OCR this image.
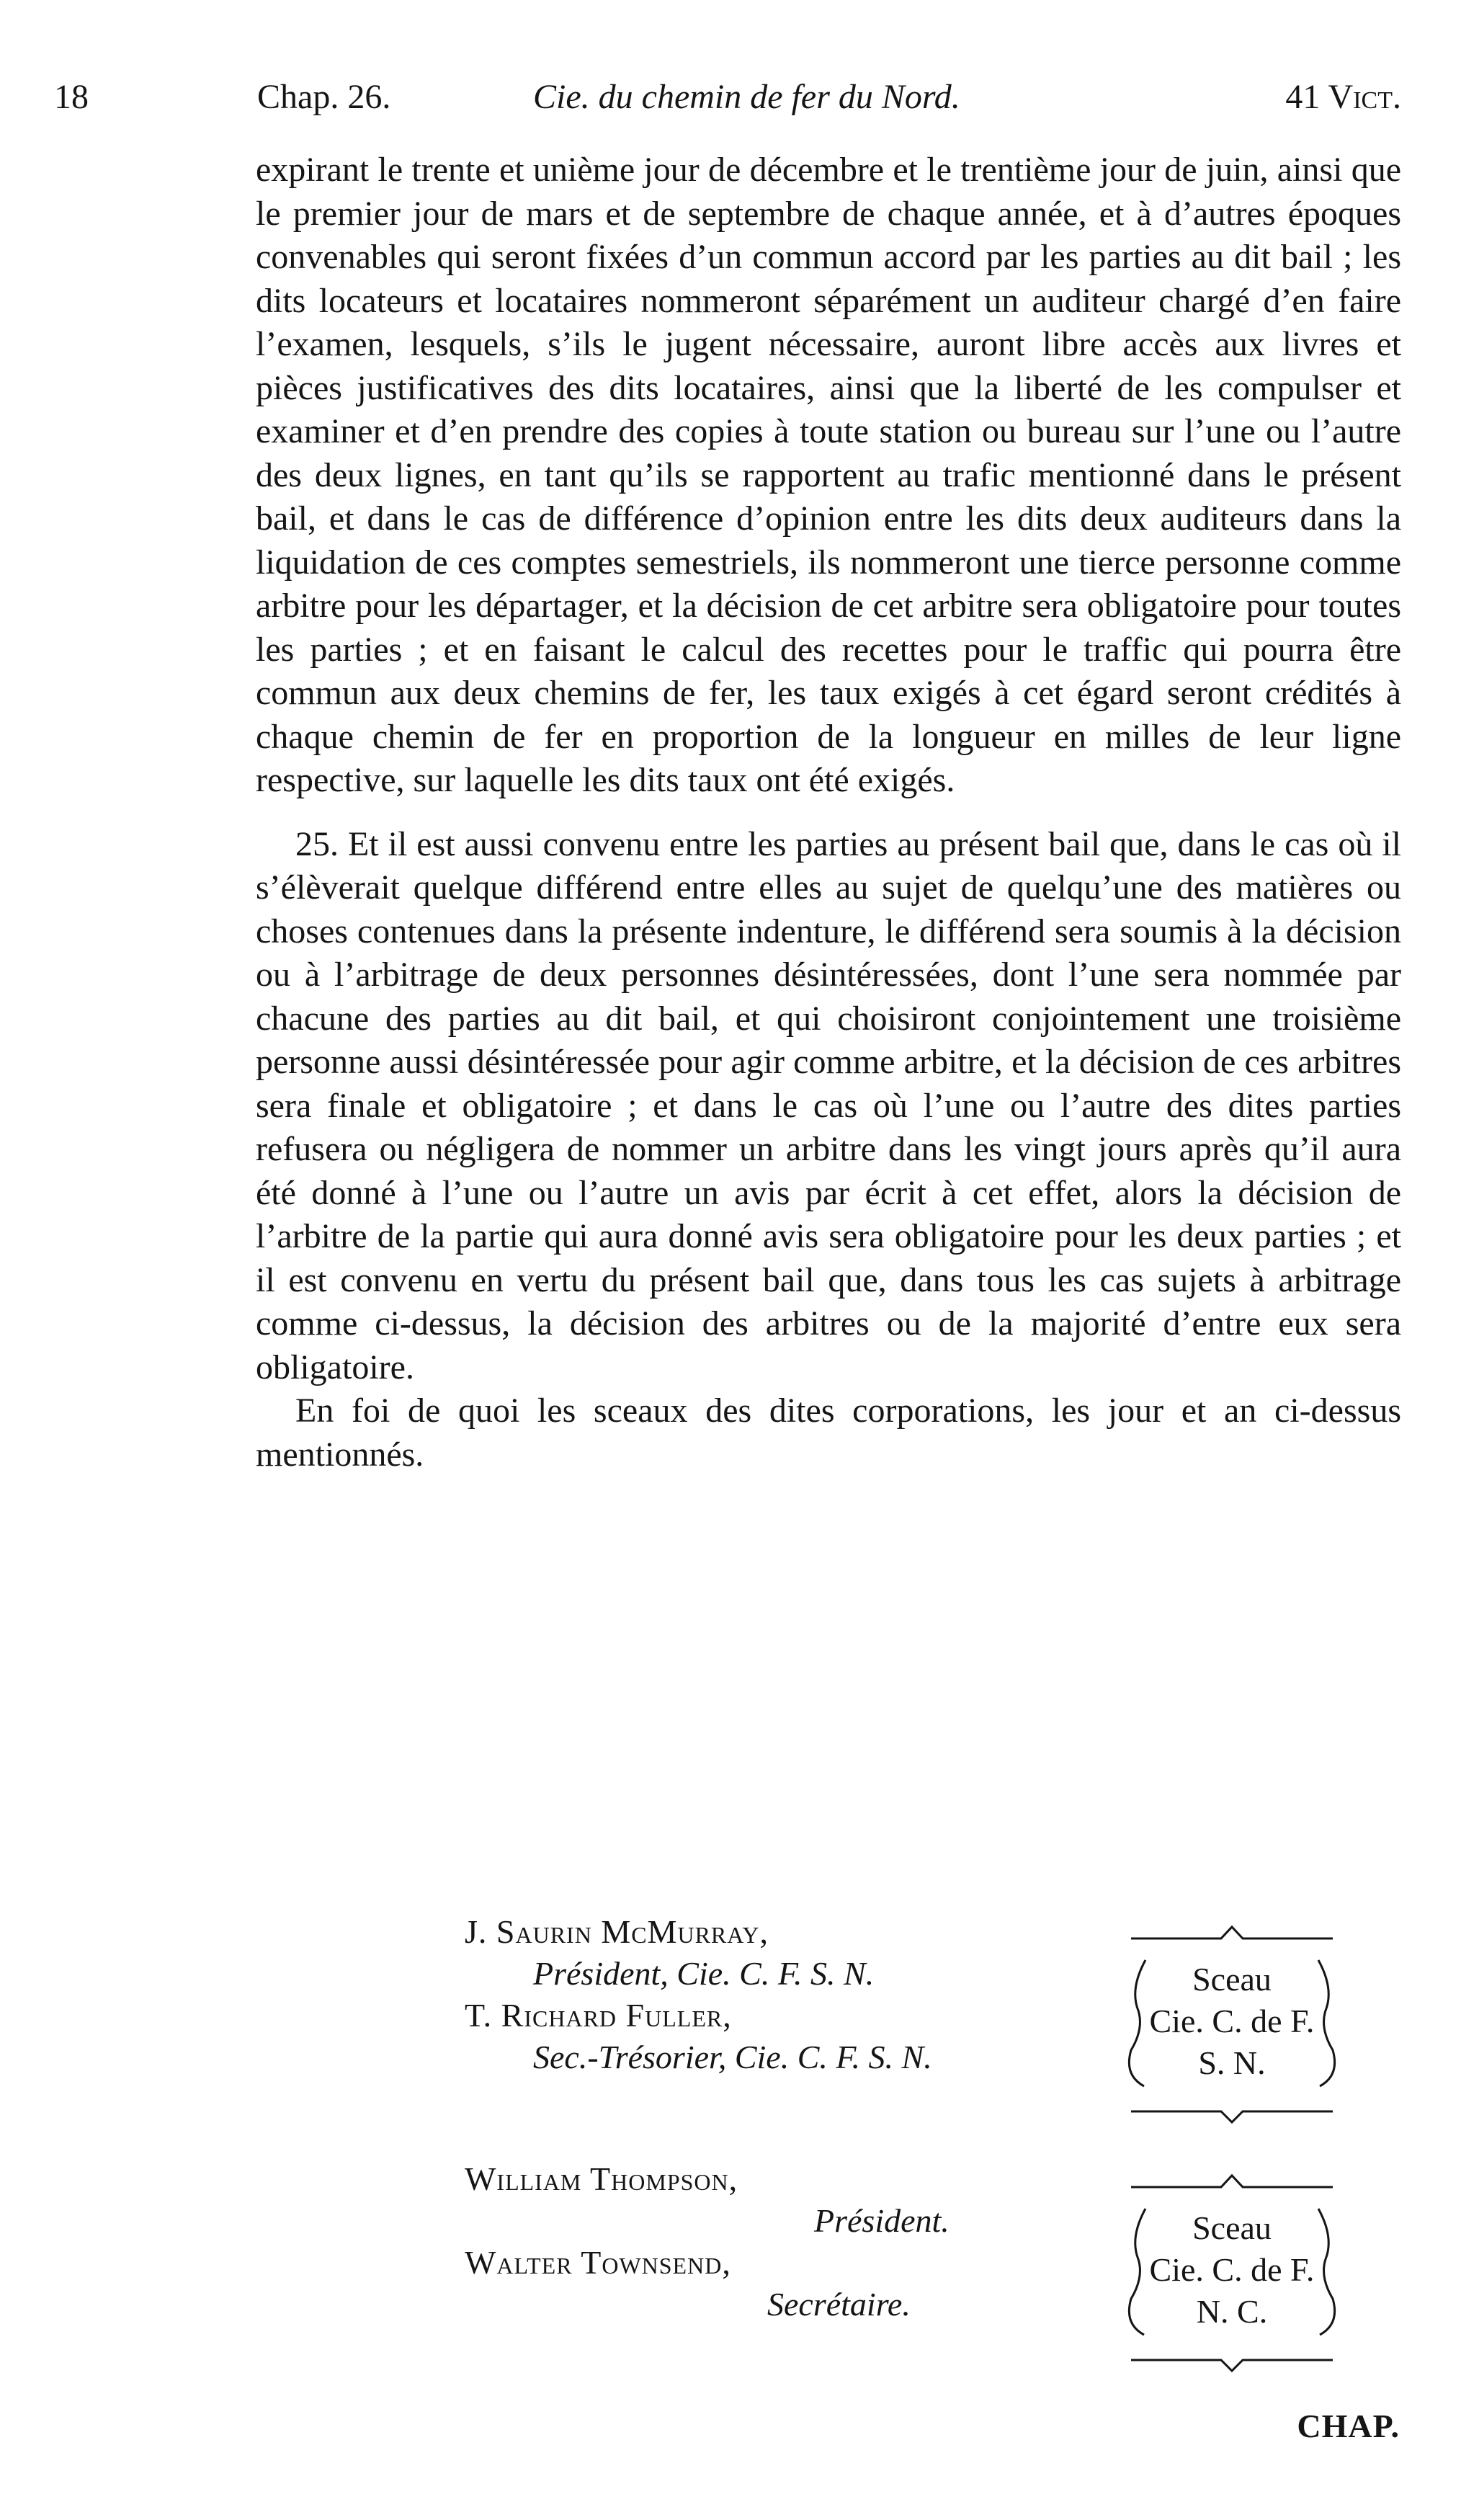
18	Chap. 26.	Cie. du chemin de fer du Nord.	41 Vict.

expirant le trente et unième jour de décembre et le trentième jour de juin, ainsi que le premier jour de mars et de septembre de chaque année, et à d’autres époques convenables qui seront fixées d’un commun accord par les parties au dit bail ; les dits locateurs et locataires nommeront séparément un auditeur chargé d’en faire l’examen, lesquels, s’ils le jugent nécessaire, auront libre accès aux livres et pièces justificatives des dits locataires, ainsi que la liberté de les compulser et examiner et d’en prendre des copies à toute station ou bureau sur l’une ou l’autre des deux lignes, en tant qu’ils se rapportent au trafic mentionné dans le présent bail, et dans le cas de différence d’opinion entre les dits deux auditeurs dans la liquidation de ces comptes semestriels, ils nommeront une tierce personne comme arbitre pour les départager, et la décision de cet arbitre sera obligatoire pour toutes les parties ; et en faisant le calcul des recettes pour le traffic qui pourra être commun aux deux chemins de fer, les taux exigés à cet égard seront crédités à chaque chemin de fer en proportion de la longueur en milles de leur ligne respective, sur laquelle les dits taux ont été exigés.

25. Et il est aussi convenu entre les parties au présent bail que, dans le cas où il s’élèverait quelque différend entre elles au sujet de quelqu’une des matières ou choses contenues dans la présente indenture, le différend sera soumis à la décision ou à l’arbitrage de deux personnes désintéressées, dont l’une sera nommée par chacune des parties au dit bail, et qui choisiront conjointement une troisième personne aussi désintéressée pour agir comme arbitre, et la décision de ces arbitres sera finale et obligatoire ; et dans le cas où l’une ou l’autre des dites parties refusera ou négligera de nommer un arbitre dans les vingt jours après qu’il aura été donné à l’une ou l’autre un avis par écrit à cet effet, alors la décision de l’arbitre de la partie qui aura donné avis sera obligatoire pour les deux parties ; et il est convenu en vertu du présent bail que, dans tous les cas sujets à arbitrage comme ci-dessus, la décision des arbitres ou de la majorité d’entre eux sera obligatoire.

En foi de quoi les sceaux des dites corporations, les jour et an ci-dessus mentionnés.

J. Saurin McMurray,
Président, Cie. C. F. S. N.
T. Richard Fuller,
Sec.-Trésorier, Cie. C. F. S. N.
Sceau
Cie. C. de F.
S. N.
William Thompson,
Président.
Walter Townsend,
Secrétaire.
Sceau
Cie. C. de F.
N. C.
CHAP.
